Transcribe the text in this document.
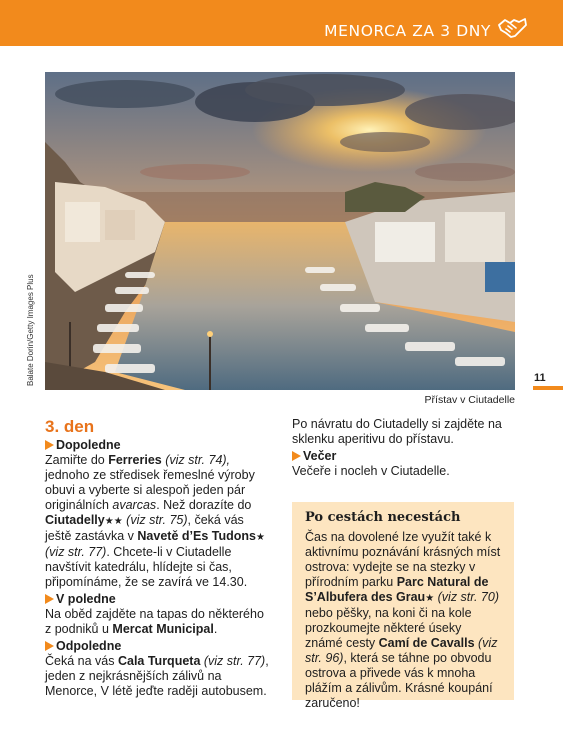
MENORCA ZA 3 DNY
Balate Dorin/Getty Images Plus
Přístav v Ciutadelle
11
3. den
Dopoledne

Zamiřte do Ferreries (viz str. 74), jednoho ze středisek řemeslné výroby obuvi a vyberte si alespoň jeden pár originálních avarcas. Než dorazíte do Ciutadelly★★ (viz str. 75), čeká vás ještě zastávka v Navetě d’Es Tudons★ (viz str. 77). Chcete-li v Ciutadelle navštívit katedrálu, hlídejte si čas, připomínáme, že se zavírá ve 14.30.

V poledne

Na oběd zajděte na tapas do některého z podniků u Mercat Municipal.

Odpoledne

Čeká na vás Cala Turqueta (viz str. 77), jeden z nejkrásnějších zálivů na Menorce, V létě jeďte raději autobusem.

Po návratu do Ciutadelly si zajděte na sklenku aperitivu do přístavu.

Večer

Večeře i nocleh v Ciutadelle.

Po cestách necestách

Čas na dovolené lze využít také k aktivnímu poznávání krásných míst ostrova: vydejte se na stezky v přírodním parku Parc Natural de S’Albufera des Grau★ (viz str. 70) nebo pěšky, na koni či na kole prozkoumejte některé úseky známé cesty Camí de Cavalls (viz str. 96), která se táhne po obvodu ostrova a přivede vás k mnoha plážím a zálivům. Krásné koupání zaručeno!
